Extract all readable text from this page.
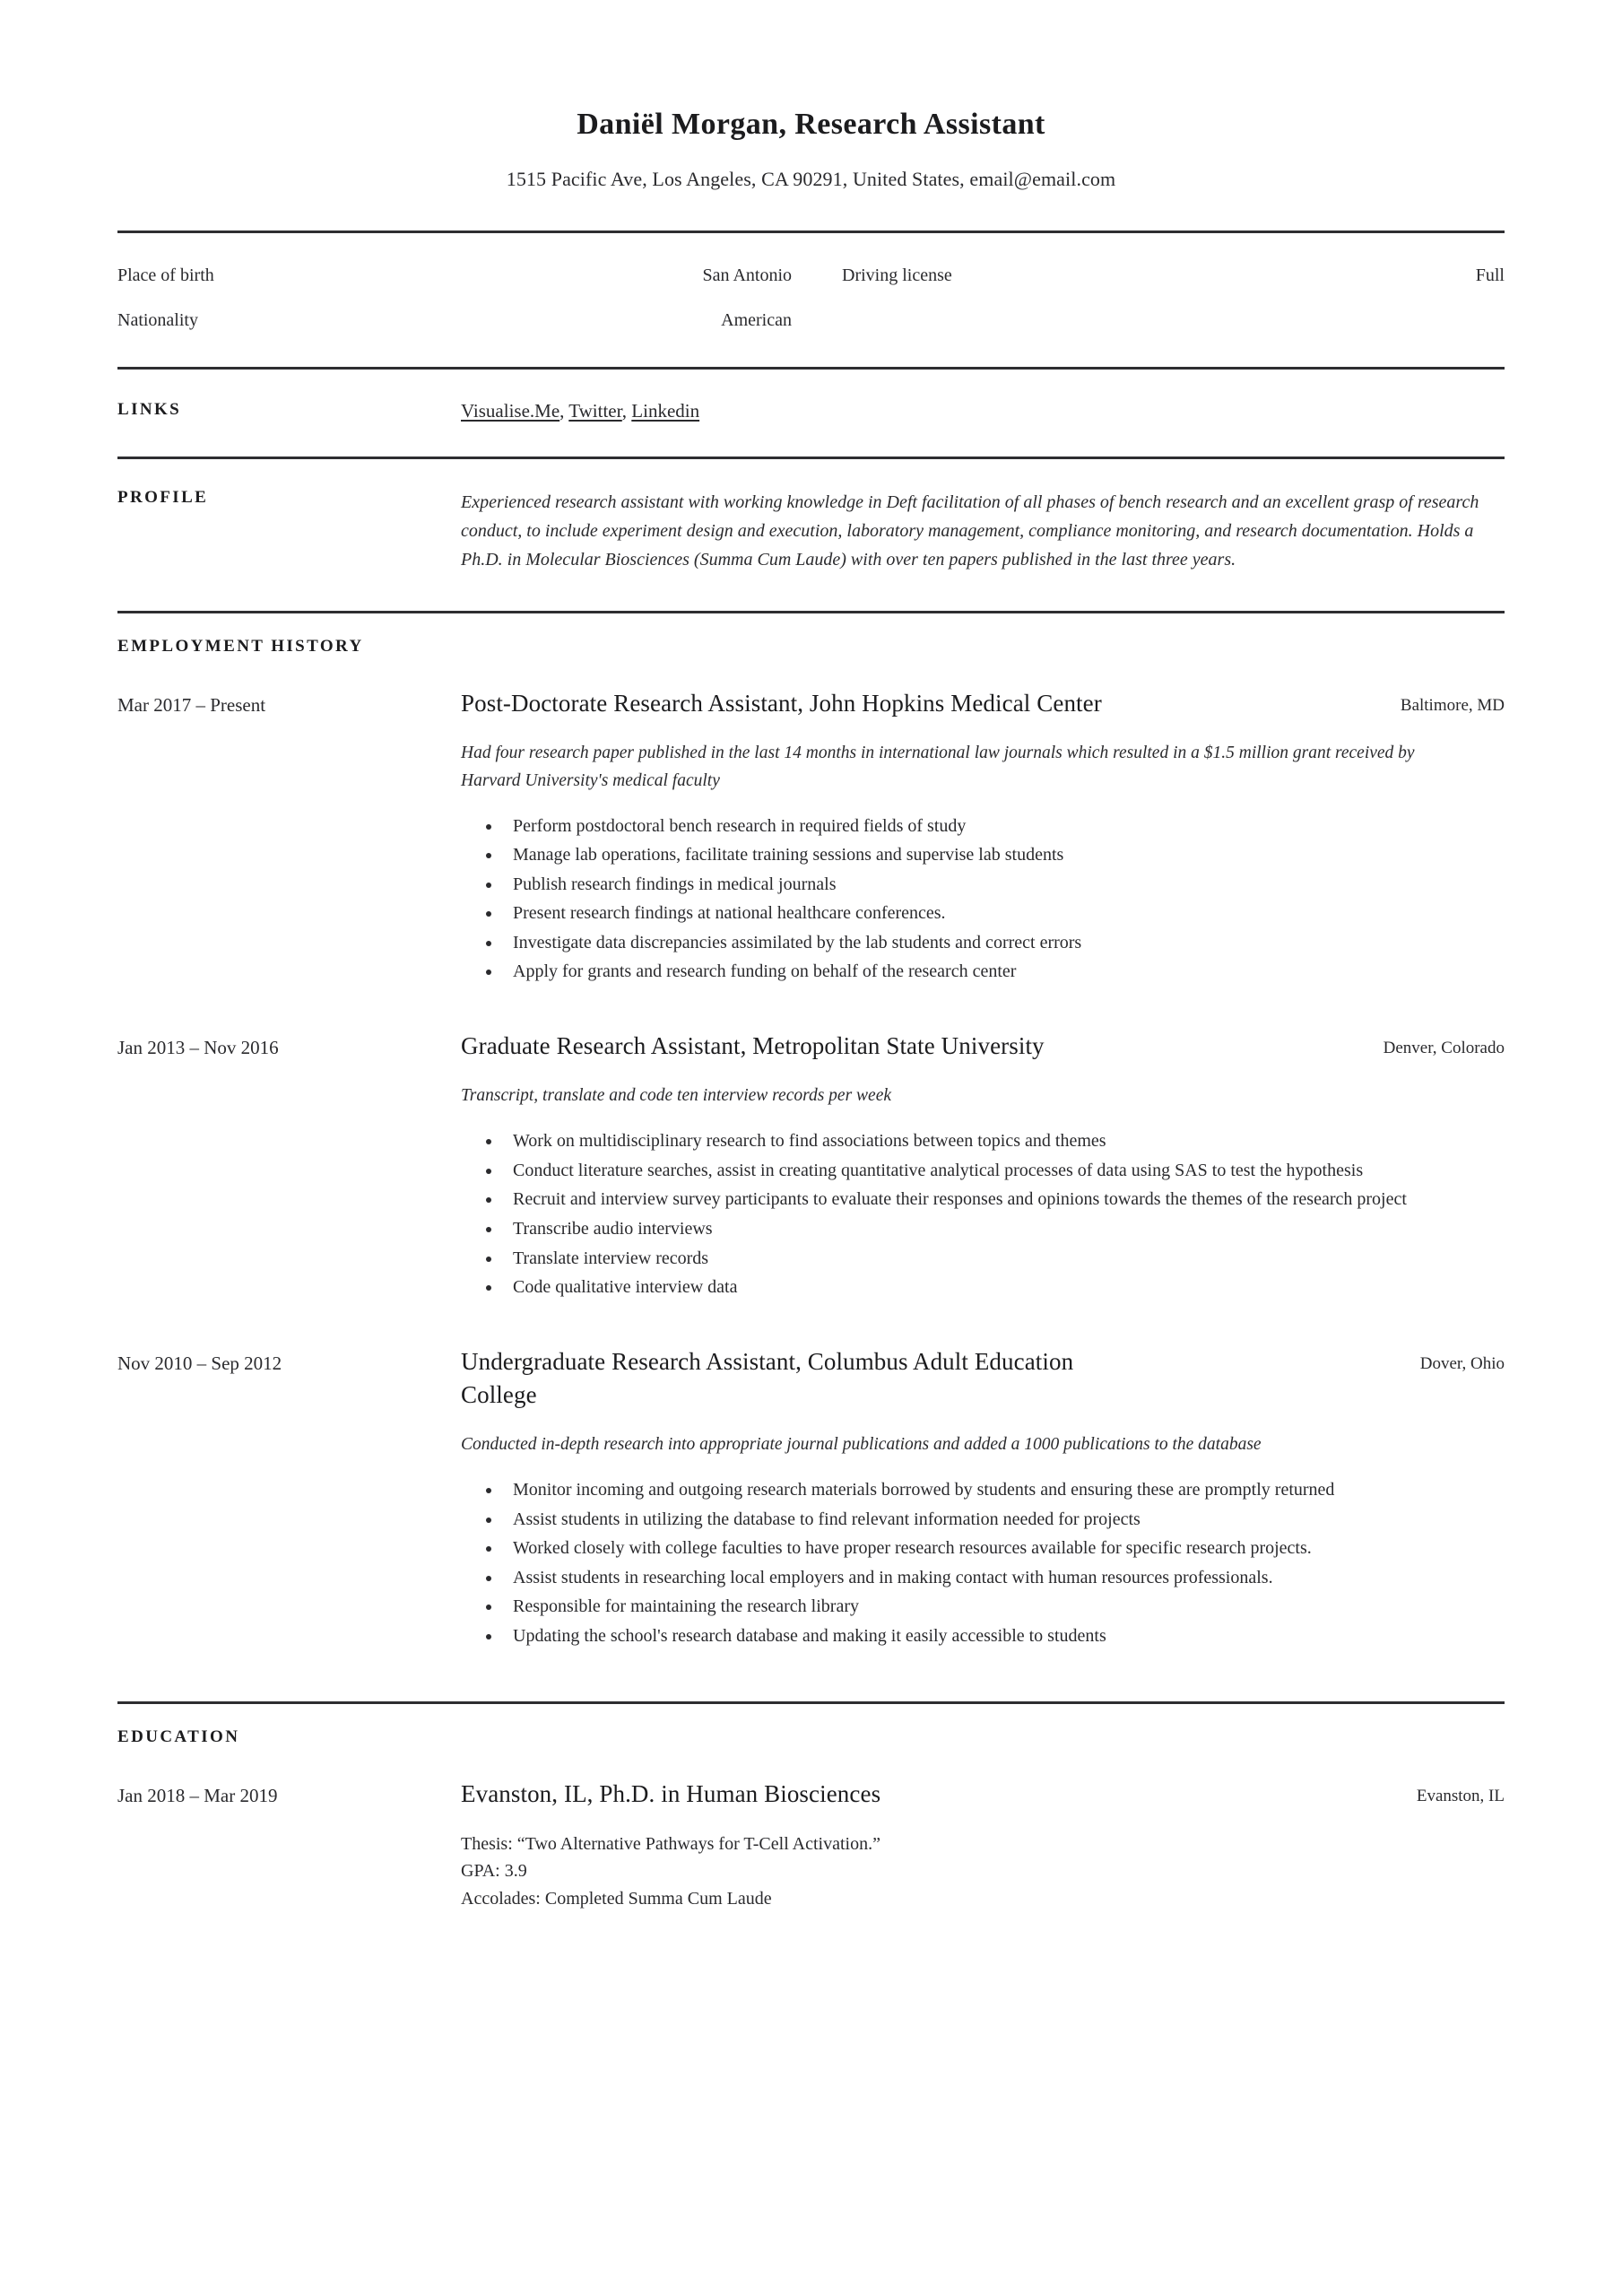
Daniël Morgan, Research Assistant
1515 Pacific Ave, Los Angeles, CA 90291, United States, email@email.com
Place of birth	San Antonio	Driving license	Full
Nationality	American
LINKS	Visualise.Me, Twitter, Linkedin
PROFILE	Experienced research assistant with working knowledge in Deft facilitation of all phases of bench research and an excellent grasp of research conduct, to include experiment design and execution, laboratory management, compliance monitoring, and research documentation. Holds a Ph.D. in Molecular Biosciences (Summa Cum Laude) with over ten papers published in the last three years.
EMPLOYMENT HISTORY
Mar 2017 – Present	Post-Doctorate Research Assistant, John Hopkins Medical Center	Baltimore, MD
Had four research paper published in the last 14 months in international law journals which resulted in a $1.5 million grant received by Harvard University's medical faculty
• Perform postdoctoral bench research in required fields of study
• Manage lab operations, facilitate training sessions and supervise lab students
• Publish research findings in medical journals
• Present research findings at national healthcare conferences.
• Investigate data discrepancies assimilated by the lab students and correct errors
• Apply for grants and research funding on behalf of the research center
Jan 2013 – Nov 2016	Graduate Research Assistant, Metropolitan State University	Denver, Colorado
Transcript, translate and code ten interview records per week
• Work on multidisciplinary research to find associations between topics and themes
• Conduct literature searches, assist in creating quantitative analytical processes of data using SAS to test the hypothesis
• Recruit and interview survey participants to evaluate their responses and opinions towards the themes of the research project
• Transcribe audio interviews
• Translate interview records
• Code qualitative interview data
Nov 2010 – Sep 2012	Undergraduate Research Assistant, Columbus Adult Education College
Dover, Ohio
Conducted in-depth research into appropriate journal publications and added a 1000 publications to the database
• Monitor incoming and outgoing research materials borrowed by students and ensuring these are promptly returned
• Assist students in utilizing the database to find relevant information needed for projects
• Worked closely with college faculties to have proper research resources available for specific research projects.
• Assist students in researching local employers and in making contact with human resources professionals.
• Responsible for maintaining the research library
• Updating the school's research database and making it easily accessible to students
EDUCATION
Jan 2018 – Mar 2019	Evanston, IL, Ph.D. in Human Biosciences	Evanston, IL
Thesis: “Two Alternative Pathways for T-Cell Activation.”
GPA: 3.9
Accolades: Completed Summa Cum Laude
